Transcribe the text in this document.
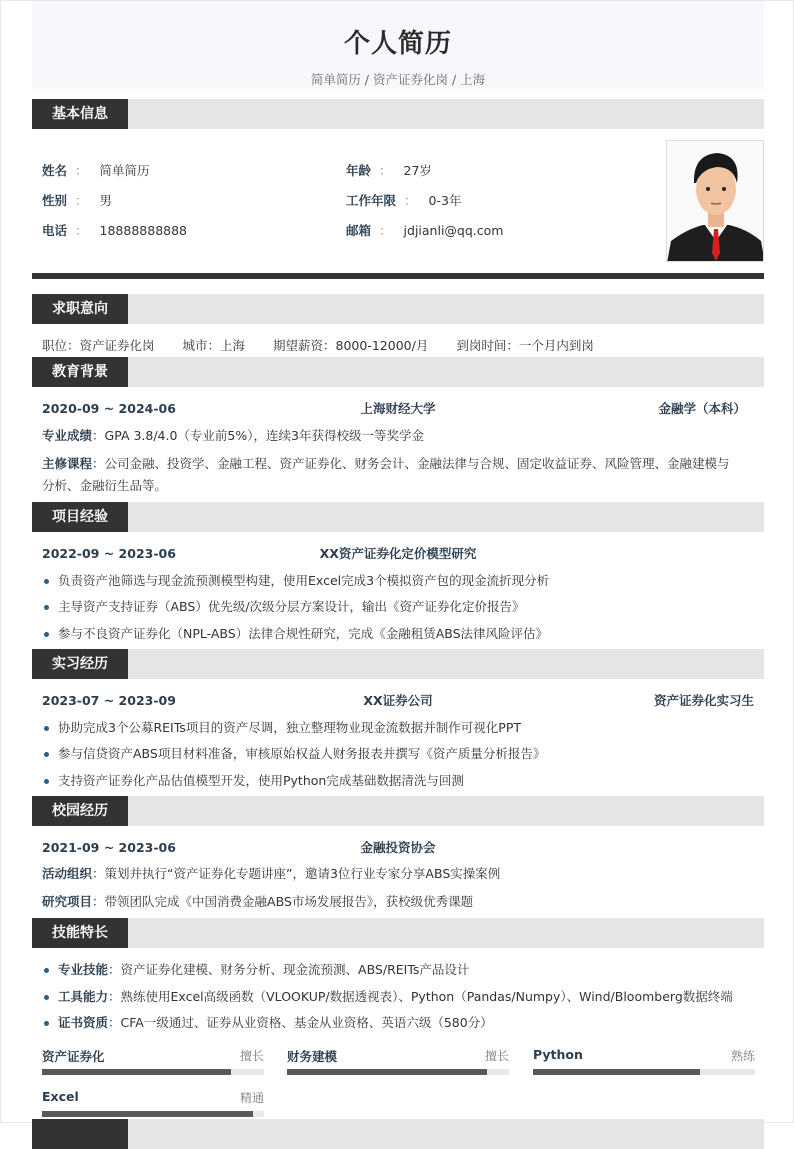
个人简历
简单简历 / 资产证券化岗 / 上海
基本信息
姓名 ： 简单简历
性别 ： 男
电话 ： 18888888888
年龄 ： 27岁
工作年限 ： 0-3年
邮箱 ： jdjianli@qq.com
求职意向
职位：资产证券化岗 城市：上海 期望薪资：8000-12000/月 到岗时间：一个月内到岗
教育背景
2020-09 ~ 2024-06	上海财经大学	金融学（本科）
专业成绩：GPA 3.8/4.0（专业前5%），连续3年获得校级一等奖学金
主修课程：公司金融、投资学、金融工程、资产证券化、财务会计、金融法律与合规、固定收益证券、风险管理、金融建模与
分析、金融衍生品等。
项目经验
2022-09 ~ 2023-06	XX资产证券化定价模型研究
负责资产池筛选与现金流预测模型构建，使用Excel完成3个模拟资产包的现金流折现分析
主导资产支持证券（ABS）优先级/次级分层方案设计，输出《资产证券化定价报告》
参与不良资产证券化（NPL-ABS）法律合规性研究，完成《金融租赁ABS法律风险评估》
实习经历
2023-07 ~ 2023-09	XX证券公司	资产证券化实习生
协助完成3个公募REITs项目的资产尽调，独立整理物业现金流数据并制作可视化PPT
参与信贷资产ABS项目材料准备，审核原始权益人财务报表并撰写《资产质量分析报告》
支持资产证券化产品估值模型开发，使用Python完成基础数据清洗与回测
校园经历
2021-09 ~ 2023-06	金融投资协会
活动组织：策划并执行“资产证券化专题讲座”，邀请3位行业专家分享ABS实操案例
研究项目：带领团队完成《中国消费金融ABS市场发展报告》，获校级优秀课题
技能特长
专业技能：资产证券化建模、财务分析、现金流预测、ABS/REITs产品设计
工具能力：熟练使用Excel高级函数（VLOOKUP/数据透视表）、Python（Pandas/Numpy）、Wind/Bloomberg数据终端
证书资质：CFA一级通过、证券从业资格、基金从业资格、英语六级（580分）
资产证券化	擅长 财务建模	擅长 Python	熟练
Excel	精通
